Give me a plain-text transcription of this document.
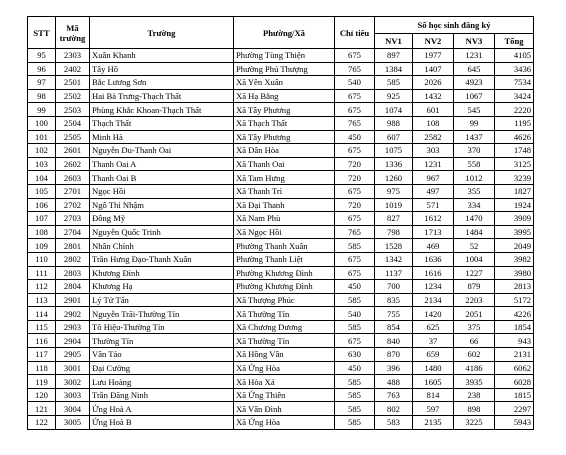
STT	Mã trường	Trường	Phường/Xã	Chỉ tiêu	Số học sinh đăng ký			
					NV1	NV2	NV3	Tổng
95	2303	Xuân Khanh	Phường Tùng Thiện	675	897	1977	1231	4105
96	2402	Tây Hồ	Phường Phú Thượng	765	1384	1407	645	3436
97	2501	Bắc Lương Sơn	Xã Yên Xuân	540	585	2026	4923	7534
98	2502	Hai Bà Trưng-Thạch Thất	Xã Hạ Bằng	675	925	1432	1067	3424
99	2503	Phùng Khắc Khoan-Thạch Thất	Xã Tây Phương	675	1074	601	545	2220
100	2504	Thạch Thất	Xã Thạch Thất	765	988	108	99	1195
101	2505	Minh Hà	Xã Tây Phương	450	607	2582	1437	4626
102	2601	Nguyễn Du-Thanh Oai	Xã Dân Hòa	675	1075	303	370	1748
103	2602	Thanh Oai A	Xã Thanh Oai	720	1336	1231	558	3125
104	2603	Thanh Oai B	Xã Tam Hưng	720	1260	967	1012	3239
105	2701	Ngọc Hồi	Xã Thanh Trì	675	975	497	355	1827
106	2702	Ngô Thì Nhậm	Xã Đại Thanh	720	1019	571	334	1924
107	2703	Đông Mỹ	Xã Nam Phù	675	827	1612	1470	3909
108	2704	Nguyễn Quốc Trinh	Xã Ngọc Hồi	765	798	1713	1484	3995
109	2801	Nhân Chính	Phường Thanh Xuân	585	1528	469	52	2049
110	2802	Trần Hưng Đạo-Thanh Xuân	Phường Thanh Liệt	675	1342	1636	1004	3982
111	2803	Khương Đình	Phường Khương Đình	675	1137	1616	1227	3980
112	2804	Khương Hạ	Phường Khương Đình	450	700	1234	879	2813
113	2901	Lý Tử Tấn	Xã Thượng Phúc	585	835	2134	2203	5172
114	2902	Nguyễn Trãi-Thường Tín	Xã Thường Tín	540	755	1420	2051	4226
115	2903	Tô Hiệu-Thường Tín	Xã Chương Dương	585	854	625	375	1854
116	2904	Thường Tín	Xã Thường Tín	675	840	37	66	943
117	2905	Vân Tảo	Xã Hồng Vân	630	870	659	602	2131
118	3001	Đại Cường	Xã Ứng Hòa	450	396	1480	4186	6062
119	3002	Lưu Hoàng	Xã Hòa Xá	585	488	1605	3935	6028
120	3003	Trần Đăng Ninh	Xã Ứng Thiên	585	763	814	238	1815
121	3004	Ứng Hoà A	Xã Vân Đình	585	802	597	898	2297
122	3005	Ứng Hoà B	Xã Ứng Hòa	585	583	2135	3225	5943
